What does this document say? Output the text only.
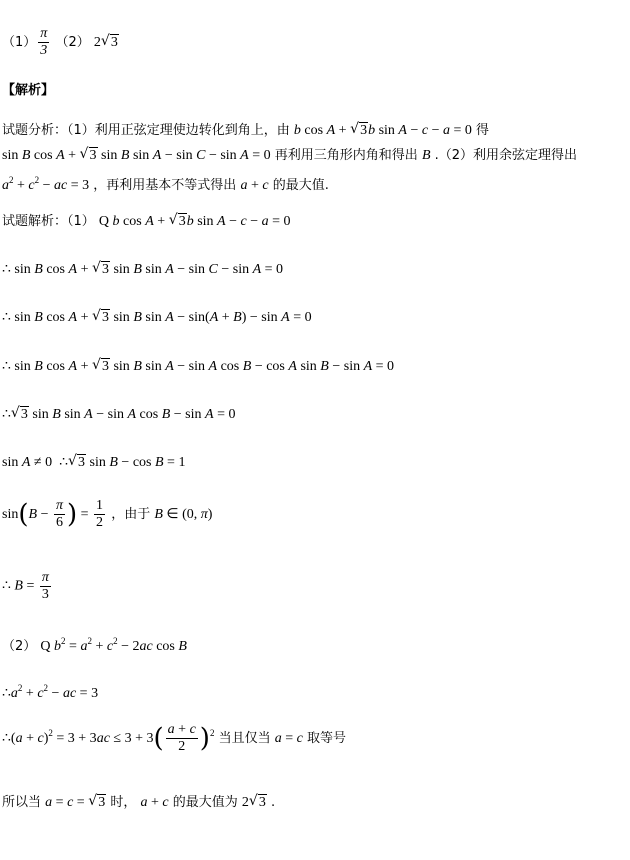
$(1) \frac{\pi}{3} (2)$ 2 √ 3
【解析】
试题分析：（1）利用正弦定理使边转化到角上，由 b cos A + √ 3b sin A − c − a = 0 得
sin B cos A + √ 3 sin B sin A − sin C − sin A = 0 再利用三角形内角和得出 B .（2）利用余弦定理得出
$a^2 + c^2$ − ac = 3 ，再利用基本不等式得出 a + c 的最大值.
试题解析：（1） Q b cos A + √ 3b sin A − c − a = 0
∴ sin B cos A + √ 3 sin B sin A − sin C − sin A = 0
∴ sin B cos A + √ 3 sin B sin A − sin(A + B) − sin A = 0
∴ sin B cos A + √ 3 sin B sin A − sin A cos B − cos A sin B − sin A = 0
∴ √ 3 sin B sin A − sin A cos B − sin A = 0
sin A ≠ 0  ∴ √ 3 sin B − cos B = 1
$\sin(B - \frac{\pi}{6}$ ) = $\frac{1}{2}$ ，由于 B ∈ (0, π)
∴ $B = \frac{\pi}{3}$
（2） Q $b^2 = a^2 + c^2 - 2ac$ cos B
$\therefore a^2 + c^2$ − ac = 3
∴(a + $c)^2 = 3 + 3ac \le 3 + 3( \frac{a + c}{2} )^2$ 当且仅当 a = c 取等号
所以当 a = c = √ 3 时， a + c 的最大值为 2 √ 3 .
